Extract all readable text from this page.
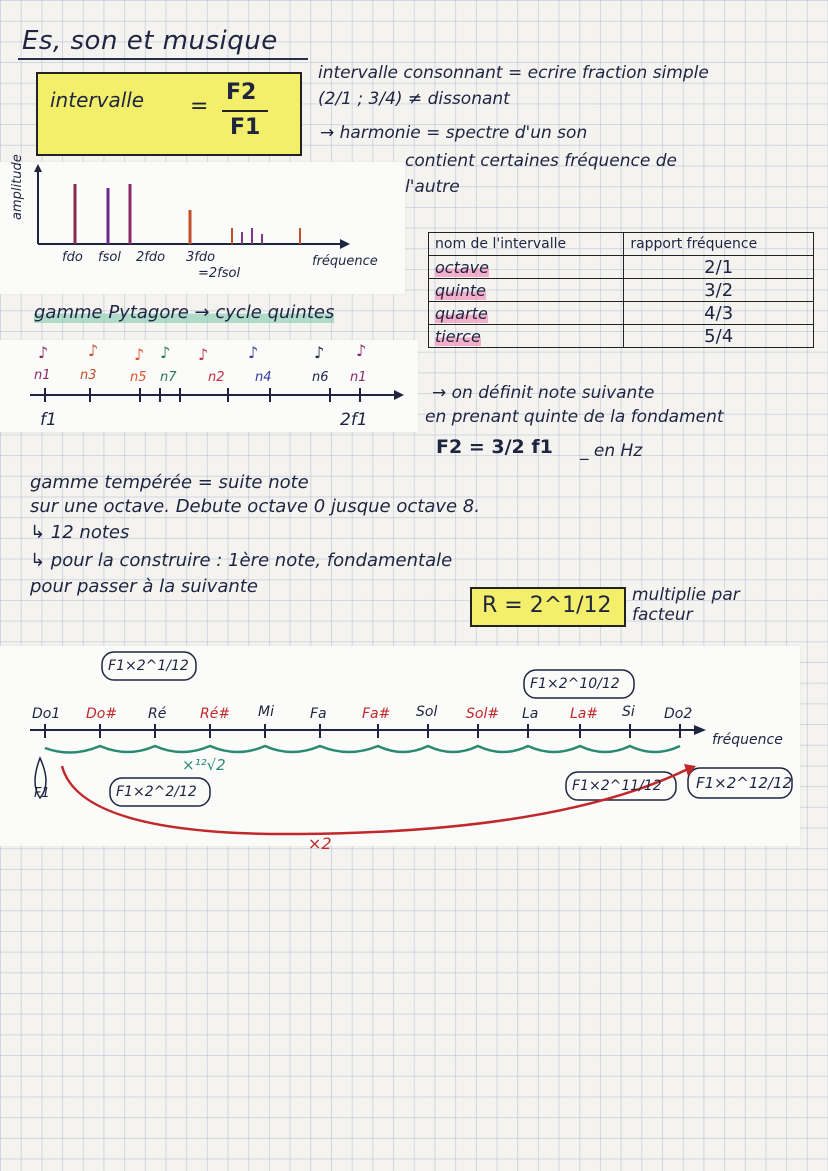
Es, son et musique
intervalle =
F2
F1
intervalle consonnant = ecrire fraction simple
(2/1 ; 3/4) ≠ dissonant
→ harmonie = spectre d'un son
contient certaines fréquence de
l'autre
amplitude
fdo fsol 2fdo 3fdo
=2fsol
fréquence
gamme Pytagore → cycle quintes
♪ ♪ ♪ ♪ ♪ ♪	♪ ♪
n1 n3	n5 n7 n2 n4	n6 n1
f1	2f1
nom de l'intervalle	rapport fréquence
octave	2/1
quinte	3/2
quarte	4/3
tierce	5/4
→ on définit note suivante
en prenant quinte de la fondament
F2 = 3/2 f1 _ en Hz
gamme tempérée = suite note
sur une octave. Debute octave 0 jusque octave 8.
↳ 12 notes
↳ pour la construire : 1ère note, fondamentale
pour passer à la suivante
R = 2^1/12	multiplie par
facteur
F1×2^1/12
F1×2^10/12
F1×2^2/12
×¹²√2
F1×2^11/12 F1×2^12/12
F1
×2
Do1 Do# Ré Ré# Mi	Fa	Fa# Sol Sol# La La# Si Do2
fréquence
